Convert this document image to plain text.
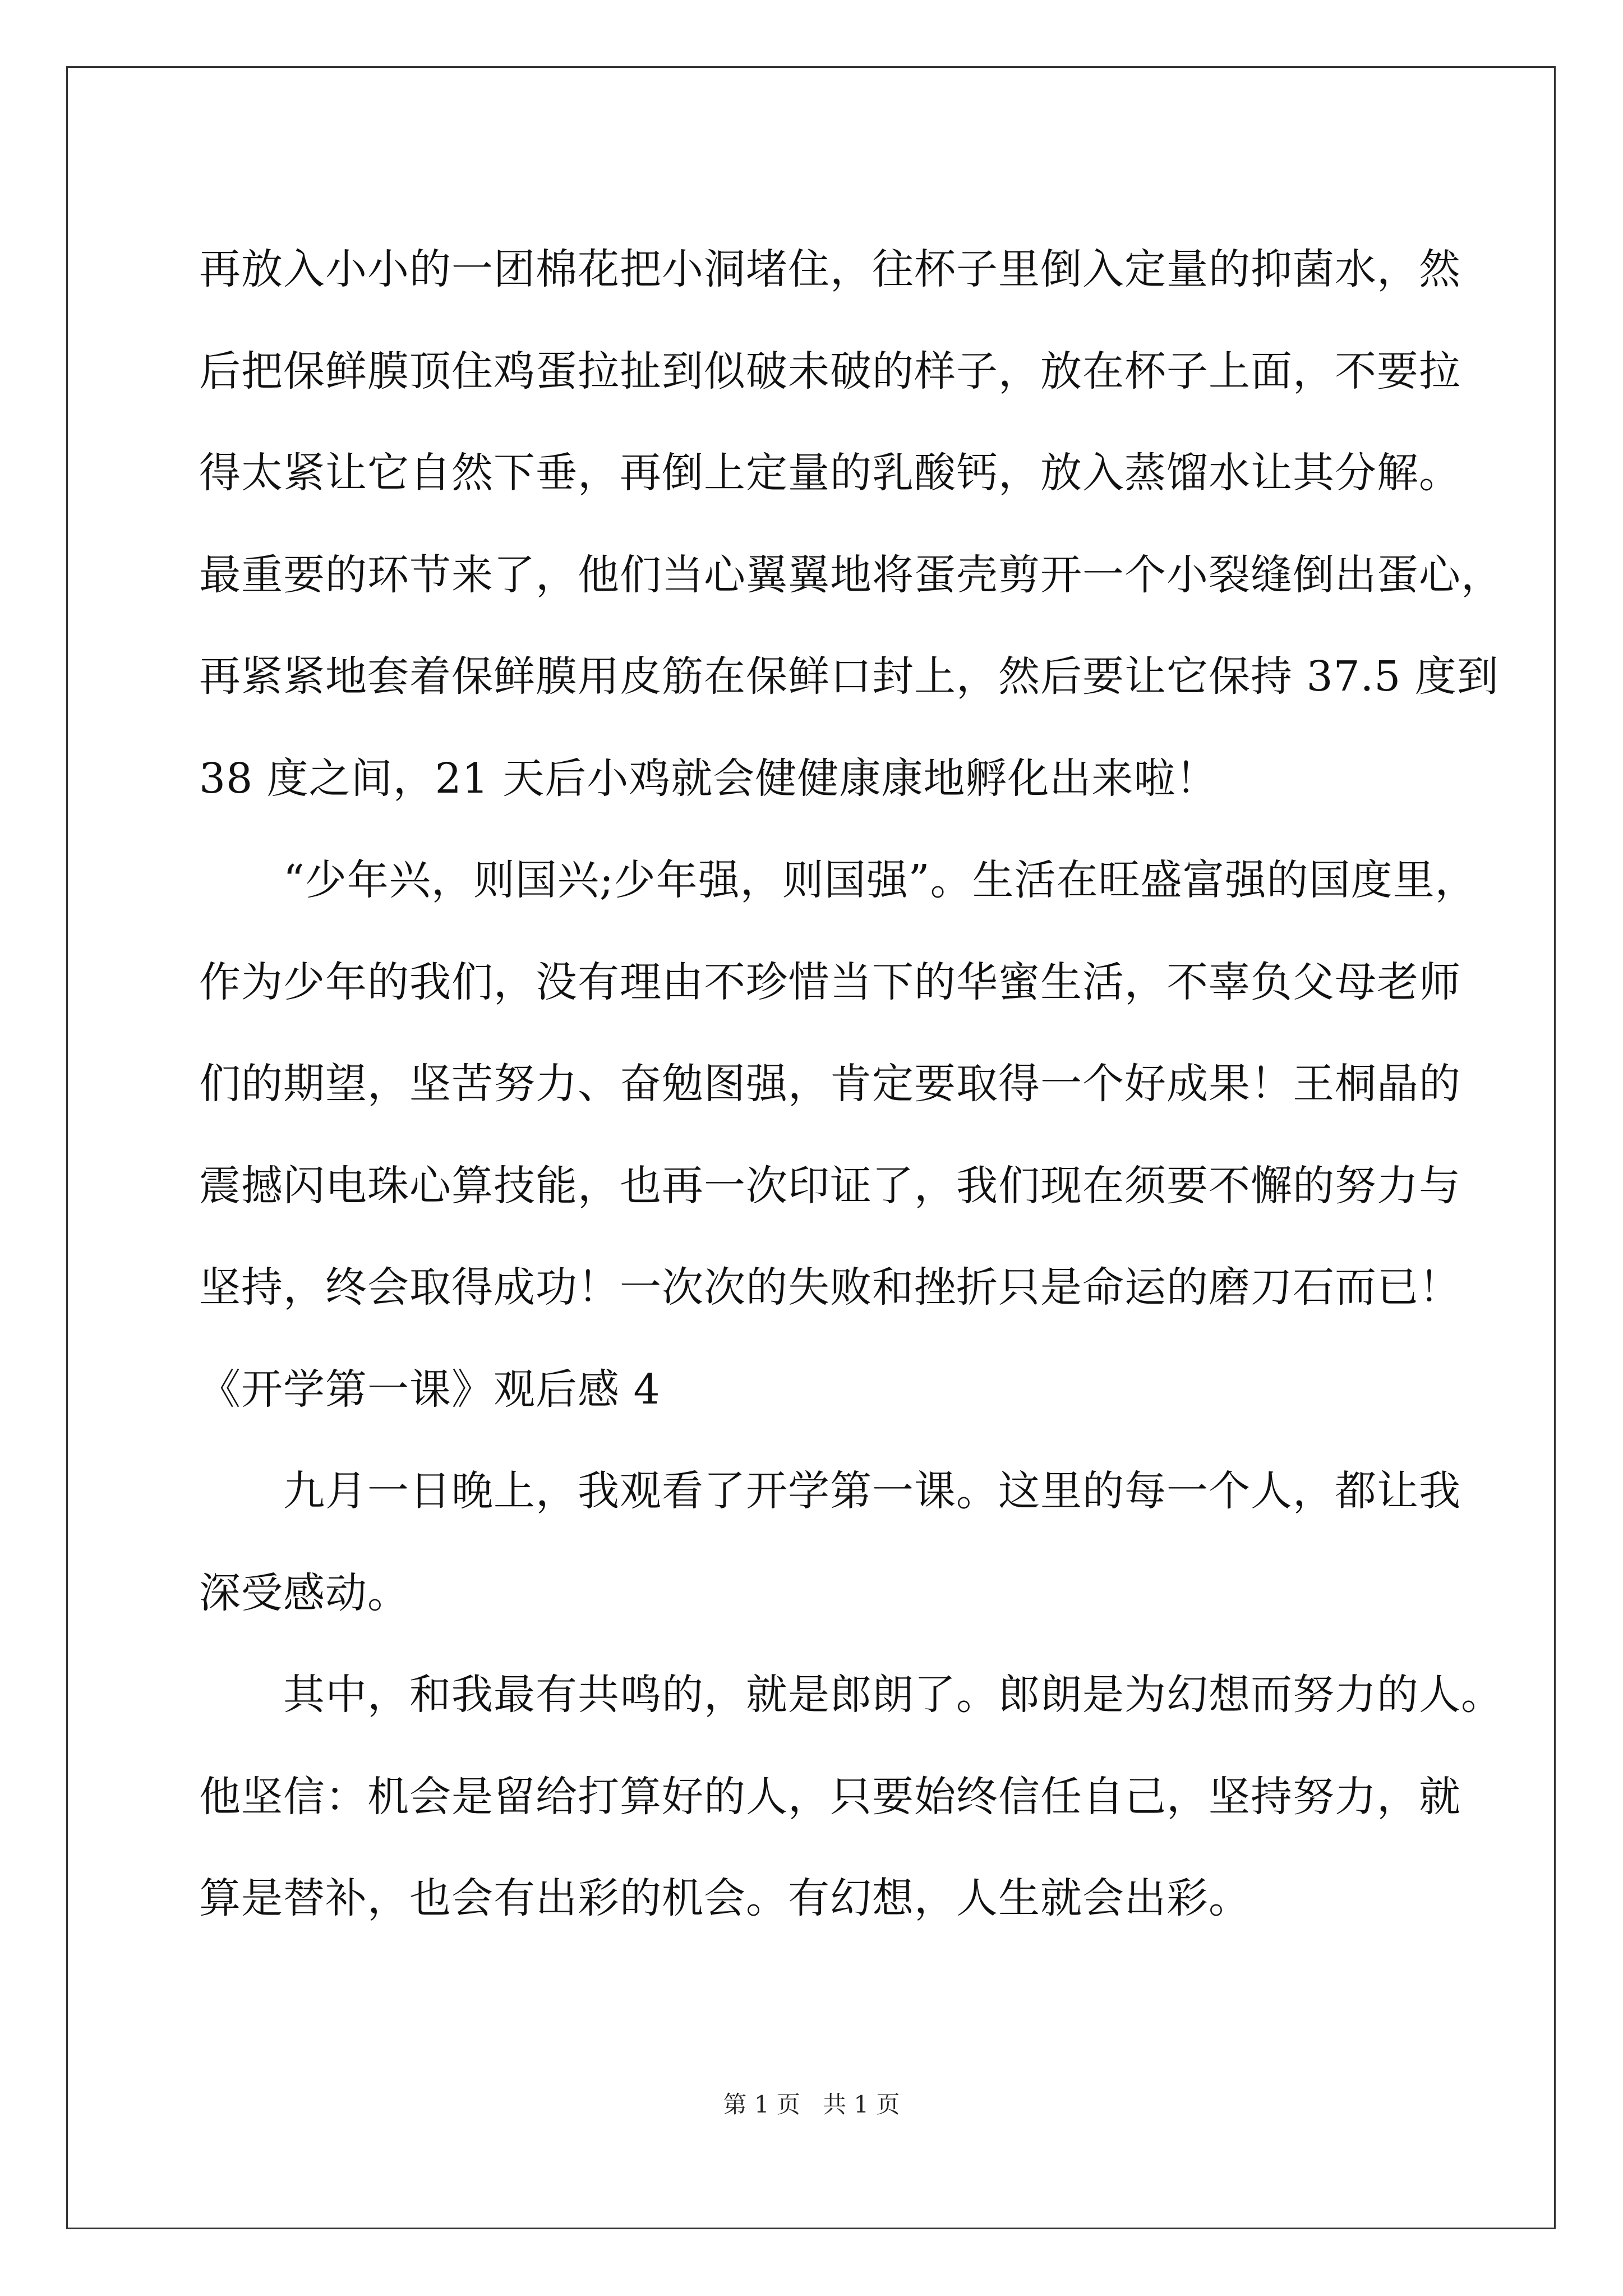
再放入小小的一团棉花把小洞堵住，往杯子里倒入定量的抑菌水，然
后把保鲜膜顶住鸡蛋拉扯到似破未破的样子，放在杯子上面，不要拉
得太紧让它自然下垂，再倒上定量的乳酸钙，放入蒸馏水让其分解。
最重要的环节来了，他们当心翼翼地将蛋壳剪开一个小裂缝倒出蛋心，
再紧紧地套着保鲜膜用皮筋在保鲜口封上，然后要让它保持 37.5 度到
38 度之间，21 天后小鸡就会健健康康地孵化出来啦！
“少年兴，则国兴;少年强，则国强”。生活在旺盛富强的国度里，
作为少年的我们，没有理由不珍惜当下的华蜜生活，不辜负父母老师
们的期望，坚苦努力、奋勉图强，肯定要取得一个好成果！王桐晶的
震撼闪电珠心算技能，也再一次印证了，我们现在须要不懈的努力与
坚持，终会取得成功！一次次的失败和挫折只是命运的磨刀石而已！
《开学第一课》观后感 4
九月一日晚上，我观看了开学第一课。这里的每一个人，都让我
深受感动。
其中，和我最有共鸣的，就是郎朗了。郎朗是为幻想而努力的人。
他坚信：机会是留给打算好的人，只要始终信任自己，坚持努力，就
算是替补，也会有出彩的机会。有幻想，人生就会出彩。
第 1 页   共 1 页
